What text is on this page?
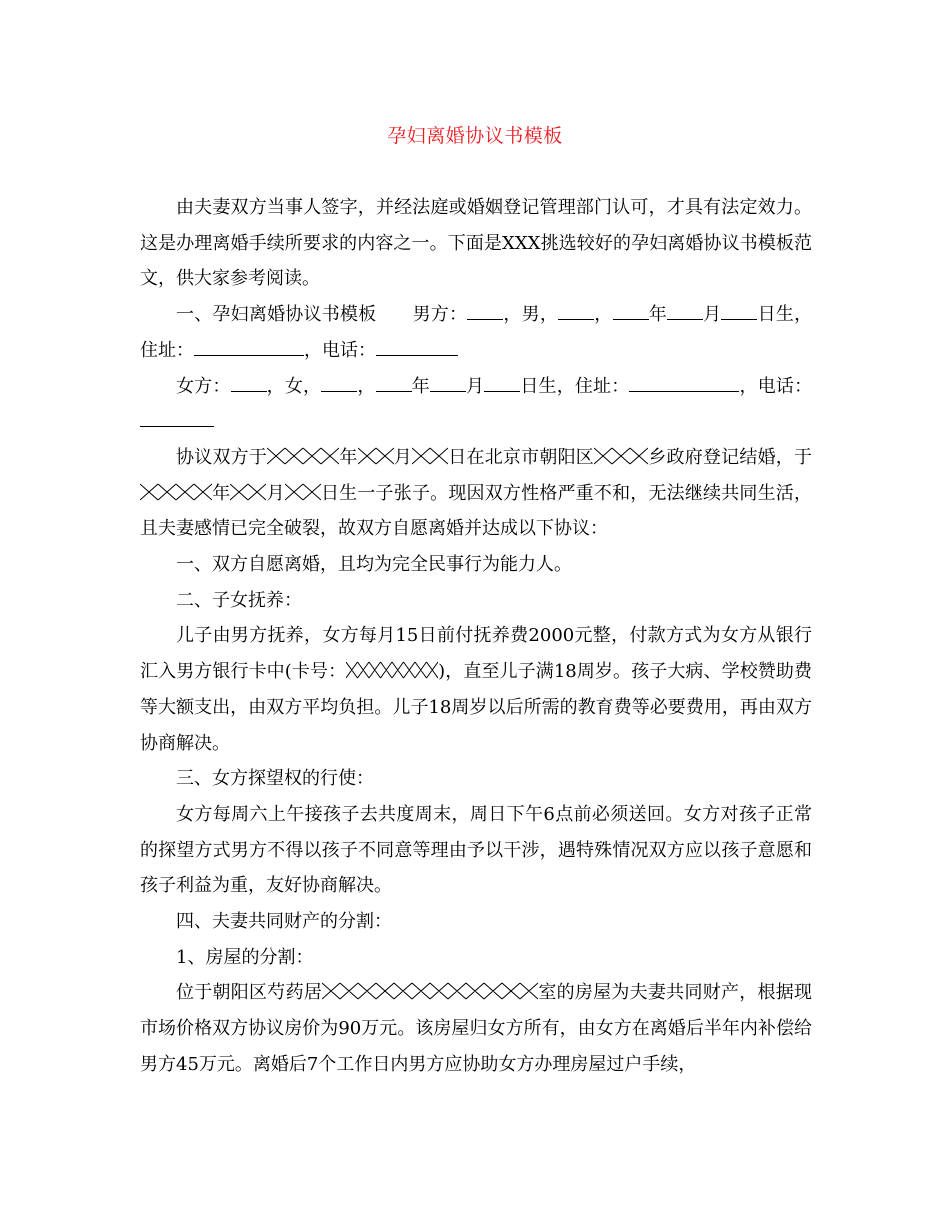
孕妇离婚协议书模板

由夫妻双方当事人签字，并经法庭或婚姻登记管理部门认可，才具有法定效力。这是办理离婚手续所要求的内容之一。下面是XXX挑选较好的孕妇离婚协议书模板范文，供大家参考阅读。

一、孕妇离婚协议书模板 男方： ，男， ， 年 月 日生，住址：	，电话：

女方： ，女， ， 年 月 日生，住址：	，电话：

协议双方于	年 月 日在北京市朝阳区	乡政府登记结婚，于年 月 日生一子张子。现因双方性格严重不和，无法继续共同生活，且夫妻感情已完全破裂，故双方自愿离婚并达成以下协议：

一、双方自愿离婚，且均为完全民事行为能力人。

二、子女抚养：

儿子由男方抚养，女方每月15日前付抚养费2000元整，付款方式为女方从银行汇入男方银行卡中(卡号：	)，直至儿子满18周岁。孩子大病、学校赞助费等大额支出，由双方平均负担。儿子18周岁以后所需的教育费等必要费用，再由双方协商解决。

三、女方探望权的行使：

女方每周六上午接孩子去共度周末，周日下午6点前必须送回。女方对孩子正常的探望方式男方不得以孩子不同意等理由予以干涉，遇特殊情况双方应以孩子意愿和孩子利益为重，友好协商解决。

四、夫妻共同财产的分割：

1、房屋的分割：

位于朝阳区芍药居	室的房屋为夫妻共同财产，根据现市场价格双方协议房价为90万元。该房屋归女方所有，由女方在离婚后半年内补偿给男方45万元。离婚后7个工作日内男方应协助女方办理房屋过户手续，
